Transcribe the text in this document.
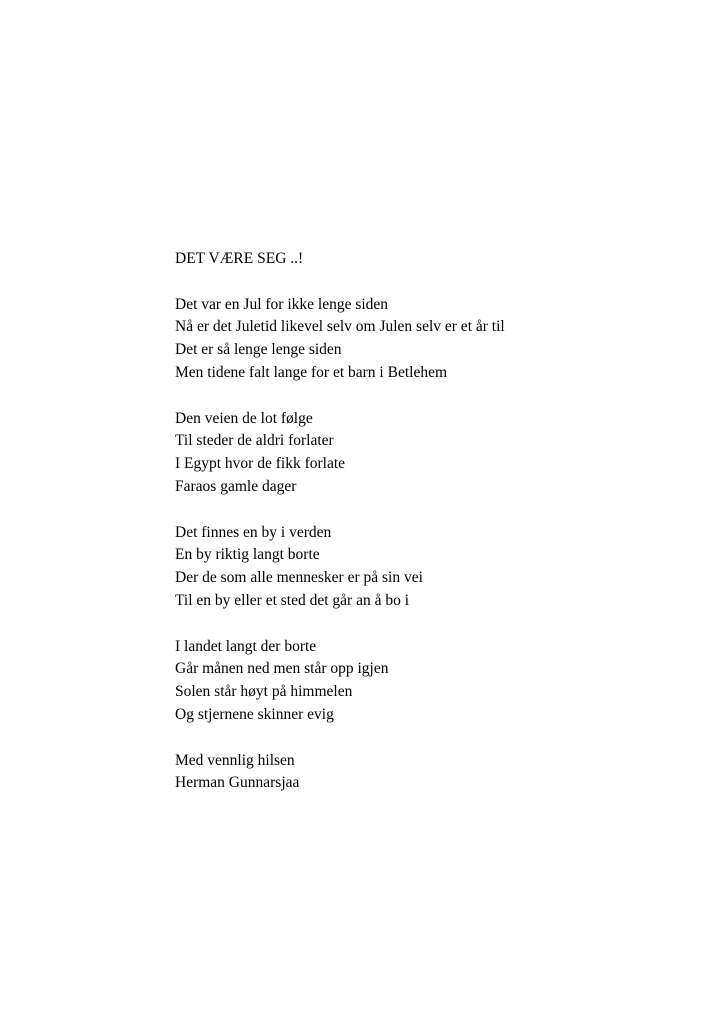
DET VÆRE SEG ..!
Det var en Jul for ikke lenge siden
Nå er det Juletid likevel selv om Julen selv er et år til
Det er så lenge lenge siden
Men tidene falt lange for et barn i Betlehem
Den veien de lot følge
Til steder de aldri forlater
I Egypt hvor de fikk forlate
Faraos gamle dager
Det finnes en by i verden
En by riktig langt borte
Der de som alle mennesker er på sin vei
Til en by eller et sted det går an å bo i
I landet langt der borte
Går månen ned men står opp igjen
Solen står høyt på himmelen
Og stjernene skinner evig
Med vennlig hilsen
Herman Gunnarsjaa
